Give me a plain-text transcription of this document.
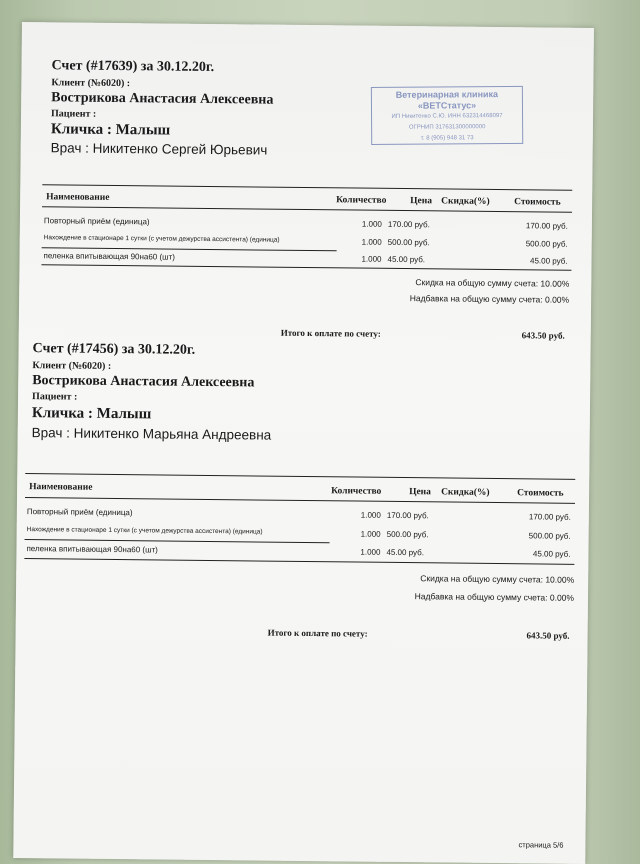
Ветеринарная клиника
«ВЕТСтатус»
ИП Никитенко С.Ю. ИНН 632314468097
ОГРНИП 317631300000000
т. 8 (905) 948 31 73
Счет (#17639) за 30.12.20г.
Клиент (№6020) :
Вострикова Анастасия Алексеевна
Пациент :
Кличка : Малыш
Врач : Никитенко Сергей Юрьевич
Наименование	Количество Цена Скидка(%)	Стоимость
Повторный приём (единица)	1.000 170.00 руб.	170.00 руб.
Нахождение в стационаре 1 сутки (с учетом дежурства ассистента) (единица)	1.000 500.00 руб.	500.00 руб.
пеленка впитывающая 90на60 (шт)	1.000 45.00 руб.	45.00 руб.
Скидка на общую сумму счета: 10.00%
Надбавка на общую сумму счета: 0.00%
Итого к оплате по счету:	643.50 руб.
Счет (#17456) за 30.12.20г.
Клиент (№6020) :
Вострикова Анастасия Алексеевна
Пациент :
Кличка : Малыш
Врач : Никитенко Марьяна Андреевна
Наименование	Количество	Цена Скидка(%)	Стоимость
Повторный приём (единица)	1.000 170.00 руб.	170.00 руб.
Нахождение в стационаре 1 сутки (с учетом дежурства ассистента) (единица)	1.000 500.00 руб.	500.00 руб.
пеленка впитывающая 90на60 (шт)	1.000 45.00 руб.	45.00 руб.
Скидка на общую сумму счета: 10.00%
Надбавка на общую сумму счета: 0.00%
Итого к оплате по счету:	643.50 руб.
страница 5/6
